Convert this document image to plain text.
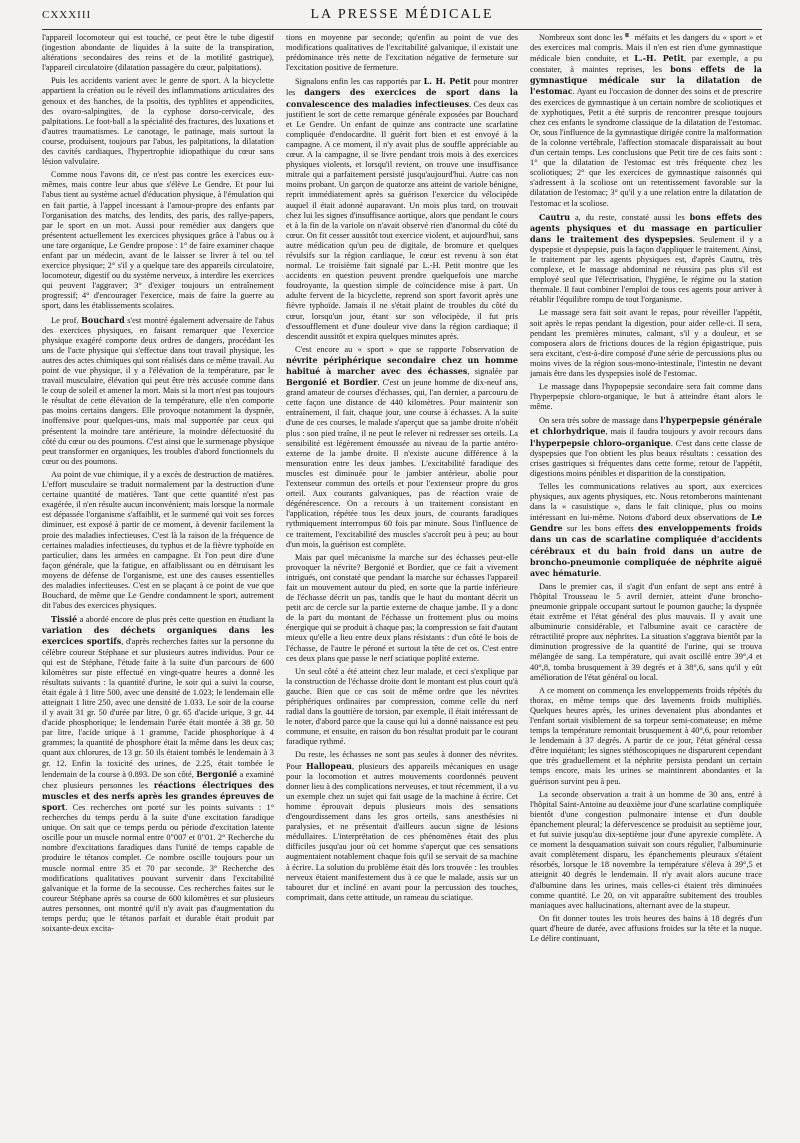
CXXXIII	LA PRESSE MÉDICALE

l'appareil locomoteur qui est touché, ce peut être le tube digestif (ingestion abondante de liquides à la suite de la transpiration, altérations secondaires des reins et de la motilité gastrique), l'appareil circulatoire (dilatation passagère du cœur, palpitations).

Puis les accidents varient avec le genre de sport. A la bicyclette appartient la création ou le réveil des inflammations articulaires des genoux et des hanches, de la psoitis, des typhlites et appendicites, des ovaro-salpingites, de la cyphose dorso-cervicale, des palpitations. Le foot-ball a la spécialité des fractures, des luxations et d'autres traumatismes. Le canotage, le patinage, mais surtout la course, produisent, toujours par l'abus, les palpitations, la dilatation des cavités cardiaques, l'hypertrophie idiopathique du cœur sans lésion valvulaire.

Comme nous l'avons dit, ce n'est pas contre les exercices eux-mêmes, mais contre leur abus que s'élève Le Gendre. Et pour lui l'abus tient au système actuel d'éducation physique, à l'émulation qui en fait partie, à l'appel incessant à l'amour-propre des enfants par l'organisation des matchs, des lendits, des paris, des rallye-papers, par le sport en un mot. Aussi pour remédier aux dangers que présentent actuellement les exercices physiques grâce à l'abus ou à une tare organique, Le Gendre propose : 1° de faire examiner chaque enfant par un médecin, avant de le laisser se livrer à tel ou tel exercice physique; 2° s'il y a quelque tare des appareils circulatoire, locomoteur, digestif ou du système nerveux, à interdire les exercices qui peuvent l'aggraver; 3° d'exiger toujours un entraînement progressif; 4° d'encourager l'exercice, mais de faire la guerre au sport, dans les établissements scolaires.

Le prof. Bouchard s'est montré également adversaire de l'abus des exercices physiques, en faisant remarquer que l'exercice physique exagéré comporte deux ordres de dangers, procédant les uns de l'acte physique qui s'effectue dans tout travail physique, les autres des actes chimiques qui sont réalisés dans ce même travail. Au point de vue physique, il y a l'élévation de la température, par le travail musculaire, élévation qui peut être très accusée comme dans le coup de soleil et amener la mort. Mais si la mort n'est pas toujours le résultat de cette élévation de la température, elle n'en comporte pas moins certains dangers. Elle provoque notamment la dyspnée, inoffensive pour quelques-uns, mais mal supportée par ceux qui présentent la moindre tare antérieure, la moindre défectuosité du côté du cœur ou des poumons. C'est ainsi que le surmenage physique peut transformer en organiques, les troubles d'abord fonctionnels du cœur ou des poumons.

Au point de vue chimique, il y a excès de destruction de matières. L'effort musculaire se traduit normalement par la destruction d'une certaine quantité de matières. Tant que cette quantité n'est pas exagérée, il n'en résulte aucun inconvénient; mais lorsque la normale est dépassée l'organisme s'affaiblit, et le surmené qui voit ses forces diminuer, est exposé à partir de ce moment, à devenir facilement la proie des maladies infectieuses. C'est là la raison de la fréquence de certaines maladies infectieuses, du typhus et de la fièvre typhoïde en particulier, dans les armées en campagne. Et l'on peut dire d'une façon générale, que la fatigue, en affaiblissant ou en détruisant les moyens de défense de l'organisme, est une des causes essentielles des maladies infectieuses. C'est en se plaçant à ce point de vue que Bouchard, de même que Le Gendre condamnent le sport, autrement dit l'abus des exercices physiques.

Tissié a abordé encore de plus près cette question en étudiant la variation des déchets organiques dans les exercices sportifs, d'après recherches faites sur la personne du célèbre coureur Stéphane et sur plusieurs autres individus. Pour ce qui est de Stéphane, l'étude faite à la suite d'un parcours de 600 kilomètres sur piste effectué en vingt-quatre heures a donné les résultats suivants : la quantité d'urine, le soir qui a suivi la course, était égale à 1 litre 500, avec une densité de 1.023; le lendemain elle atteignait 1 litre 250, avec une densité de 1.033. Le soir de la course il y avait 31 gr. 50 d'urée par litre, 0 gr. 65 d'acide urique, 3 gr. 44 d'acide phosphorique; le lendemain l'urée était montée à 38 gr. 50 par litre, l'acide urique à 1 gramme, l'acide phosphorique à 4 grammes; la quantité de phosphore était la même dans les deux cas; quant aux chlorures, de 13 gr. 50 ils étaient tombés le lendemain à 3 gr. 12. Enfin la toxicité des urines, de 2.25, était tombée le lendemain de la course à 0.893. De son côté, Bergonié a examiné chez plusieurs personnes les réactions électriques des muscles et des nerfs après les grandes épreuves de sport. Ces recherches ont porté sur les points suivants : 1° recherches du temps perdu à la suite d'une excitation faradique unique. On sait que ce temps perdu ou période d'excitation latente oscille pour un muscle normal entre 0"007 et 0"01. 2° Recherche du nombre d'excitations faradiques dans l'unité de temps capable de produire le tétanos complet. Ce nombre oscille toujours pour un muscle normal entre 35 et 70 par seconde. 3° Recherche des modifications qualitatives pouvant survenir dans l'excitabilité galvanique et la forme de la secousse. Ces recherches faites sur le coureur Stéphane après sa course de 600 kilomètres et sur plusieurs autres personnes, ont montré qu'il n'y avait pas d'augmentation du temps perdu; que le tétanos parfait et durable était produit par soixante-deux excita-

tions en moyenne par seconde; qu'enfin au point de vue des modifications qualitatives de l'excitabilité galvanique, il existait une prédominance très nette de l'excitation négative de fermeture sur l'excitation positive de fermeture.

Signalons enfin les cas rapportés par L. H. Petit pour montrer les dangers des exercices de sport dans la convalescence des maladies infectieuses. Ces deux cas justifient le sort de cette remarque générale exposées par Bouchard et Le Gendre. Un enfant de quinze ans contracte une scarlatine compliquée d'endocardite. Il guérit fort bien et est envoyé à la campagne. A ce moment, il n'y avait plus de souffle appréciable au cœur. A la campagne, il se livre pendant trois mois à des exercices physiques violents, et lorsqu'il revient, on trouve une insuffisance mitrale qui a parfaitement persisté jusqu'aujourd'hui. Autre cas non moins probant. Un garçon de quatorze ans atteint de variole bénigne, reprit immédiatement après sa guérison l'exercice du vélocipède auquel il était adonné auparavant. Un mois plus tard, on trouvait chez lui les signes d'insuffisance aortique, alors que pendant le cours et à la fin de la variole on n'avait observé rien d'anormal du côté du cœur. On fit cesser aussitôt tout exercice violent, et aujourd'hui, sans autre médication qu'un peu de digitale, de bromure et quelques révulsifs sur la région cardiaque, le cœur est revenu à son état normal. Le troisième fait signalé par L.-H. Petit montre que les accidents en question peuvent prendre quelquefois une marche foudroyante, la question simple de coïncidence mise à part. Un adulte fervent de la bicyclette, reprend son sport favorit après une fièvre typhoïde. Jamais il ne s'était plaint de troubles du côté du cœur, lorsqu'un jour, étant sur son vélocipède, il fut pris d'essoufflement et d'une douleur vive dans la région cardiaque; il descendit aussitôt et expira quelques minutes après.

C'est encore au « sport » que se rapporte l'observation de névrite périphérique secondaire chez un homme habitué à marcher avec des échasses, signalée par Bergonié et Bordier. C'est un jeune homme de dix-neuf ans, grand amateur de courses d'échasses, qui, l'an dernier, a parcouru de cette façon une distance de 440 kilomètres. Pour maintenir son entraînement, il fait, chaque jour, une course à échasses. A la suite d'une de ces courses, le malade s'aperçut que sa jambe droite n'obéit plus : son pied traîne, il ne peut le relever ni redresser ses orteils. La sensibilité est légèrement émoussée au niveau de la partie antéro-externe de la jambe droite. Il n'existe aucune différence à la mensuration entre les deux jambes. L'excitabilité faradique des muscles est diminuée pour le jambier antérieur, abolie pour l'extenseur commun des orteils et pour l'extenseur propre du gros orteil. Aux courants galvaniques, pas de réaction vraie de dégénérescence. On a recours à un traitement consistant en l'application, répétée tous les deux jours, de courants faradiques rythmiquement interrompus 60 fois par minute. Sous l'influence de ce traitement, l'excitabilité des muscles s'accroît peu à peu; au bout d'un mois, la guérison est complète.

Mais par quel mécanisme la marche sur des échasses peut-elle provoquer la névrite? Bergonié et Bordier, que ce fait a vivement intrigués, ont constaté que pendant la marche sur échasses l'appareil fait un mouvement autour du pied, en sorte que la partie inférieure de l'échasse décrit un pas, tandis que le haut du montant décrit un petit arc de cercle sur la partie externe de chaque jambe. Il y a donc de la part du montant de l'échasse un frottement plus ou moins énergique qui se produit à chaque pas; la compression se fait d'autant mieux qu'elle a lieu entre deux plans résistants : d'un côté le bois de l'échasse, de l'autre le péroné et surtout la tête de cet os. C'est entre ces deux plans que passe le nerf sciatique poplité externe.

Un seul côté a été atteint chez leur malade, et ceci s'explique par la construction de l'échasse droite dont le montant est plus court qu'à gauche. Bien que ce cas soit de même ordre que les névrites périphériques ordinaires par compression, comme celle du nerf radial dans la gouttière de torsion, par exemple, il était intéressant de le noter, d'abord parce que la cause qui lui a donné naissance est peu commune, et ensuite, en raison du bon résultat produit par le courant faradique rythmé.

Du reste, les échasses ne sont pas seules à donner des névrites. Pour Hallopeau, plusieurs des appareils mécaniques en usage pour la locomotion et autres mouvements coordonnés peuvent donner lieu à des complications nerveuses, et tout récemment, il a vu un exemple chez un sujet qui fait usage de la machine à écrire. Cet homme éprouvait depuis plusieurs mois des sensations d'engourdissement dans les gros orteils, sans anesthésies ni paralysies, et ne présentait d'ailleurs aucun signe de lésions médullaires. L'interprétation de ces phénomènes était des plus difficiles jusqu'au jour où cet homme s'aperçut que ces sensations augmentaient notablement chaque fois qu'il se servait de sa machine à écrire. La solution du problème était dès lors trouvée : les troubles nerveux étaient manifestement dus à ce que le malade, assis sur un tabouret dur et incliné en avant pour la percussion des touches, comprimait, dans cette attitude, un rameau du sciatique.

Nombreux sont donc les ▘ méfaits et les dangers du « sport » et des exercices mal compris. Mais il n'en est rien d'une gymnastique médicale bien conduite, et L.-H. Petit, par exemple, a pu constater, à maintes reprises, les bons effets de la gymnastique médicale sur la dilatation de l'estomac. Ayant eu l'occasion de donner des soins et de prescrire des exercices de gymnastique à un certain nombre de scoliotiques et de xyphotiques, Petit a été surpris de rencontrer presque toujours chez ces enfants le syndrome classique de la dilatation de l'estomac. Or, sous l'influence de la gymnastique dirigée contre la malformation de la colonne vertébrale, l'affection stomacale disparaissait au bout d'un certain temps. Les conclusions que Petit tire de ces faits sont : 1° que la dilatation de l'estomac est très fréquente chez les scoliotiques; 2° que les exercices de gymnastique raisonnés qui s'adressent à la scoliose ont un retentissement favorable sur la dilatation de l'estomac; 3° qu'il y a une relation entre la dilatation de l'estomac et la scoliose.

Cautru a, du reste, constaté aussi les bons effets des agents physiques et du massage en particulier dans le traitement des dyspepsies. Seulement il y a dyspepsie et dyspepsie, puis la façon d'appliquer le traitement. Ainsi, le traitement par les agents physiques est, d'après Cautru, très complexe, et le massage abdominal ne réussira pas plus s'il est employé seul que l'électrisation, l'hygiène, le régime ou la station thermale. Il faut combiner l'emploi de tous ces agents pour arriver à rétablir l'équilibre rompu de tout l'organisme.

Le massage sera fait soit avant le repas, pour réveiller l'appétit, soit après le repas pendant la digestion, pour aider celle-ci. Il sera, pendant les premières minutes, calmant, s'il y a douleur, et se composera alors de frictions douces de la région épigastrique, puis sera excitant, c'est-à-dire composé d'une série de percussions plus ou moins vives de la région sous-mono-intestinale, l'intestin ne devant jamais être dans les dyspepsies isolé de l'estomac.

Le massage dans l'hypopepsie secondaire sera fait comme dans l'hyperpepsie chloro-organique, le but à atteindre étant alors le même.

On sera très sobre de massage dans l'hyperpepsie générale et chlorhydrique, mais il faudra toujours y avoir recours dans l'hyperpepsie chloro-organique. C'est dans cette classe de dyspepsies que l'on obtient les plus beaux résultats : cessation des crises gastriques si fréquentes dans cette forme, retour de l'appétit, digestions moins pénibles et disparition de la constipation.

Telles les communications relatives au sport, aux exercices physiques, aux agents physiques, etc. Nous retomberons maintenant dans la « casuistique », dans le fait clinique, plus ou moins intéressant en lui-même. Notons d'abord deux observations de Le Gendre sur les bons effets des enveloppements froids dans un cas de scarlatine compliquée d'accidents cérébraux et du bain froid dans un autre de broncho-pneumonie compliquée de néphrite aiguë avec hématurie.

Dans le premier cas, il s'agit d'un enfant de sept ans entré à l'hôpital Trousseau le 5 avril dernier, atteint d'une broncho-pneumonie grippale occupant surtout le poumon gauche; la dyspnée était extrême et l'état général des plus mauvais. Il y avait une albuminurie considérable, et l'albumine avait ce caractère de rétractilité propre aux néphrites. La situation s'aggrava bientôt par la diminution progressive de la quantité de l'urine, qui se trouva mélangée de sang. La température, qui avait oscillé entre 39°,4 et 40°,8, tomba brusquement à 39 degrés et à 38°,6, sans qu'il y eût amélioration de l'état général ou local.

A ce moment on commença les enveloppements froids répétés du thorax, en même temps que des lavements froids multipliés. Quelques heures après, les urines devenaient plus abondantes et l'enfant sortait visiblement de sa torpeur semi-comateuse; en même temps la température remontait brusquement à 40°,6, pour retomber le lendemain à 37 degrés. A partir de ce jour, l'état général cessa d'être inquiétant; les signes stéthoscopiques ne disparurent cependant que très graduellement et la néphrite persista pendant un certain temps encore, mais les urines se maintinrent abondantes et la guérison survint peu à peu.

La seconde observation a trait à un homme de 30 ans, entré à l'hôpital Saint-Antoine au deuxième jour d'une scarlatine compliquée bientôt d'une congestion pulmonaire intense et d'un double épanchement pleural; la défervescence se produisit au septième jour, et fut suivie jusqu'au dix-septième jour d'une apyrexie complète. A ce moment la desquamation suivait son cours régulier, l'albuminurie avait complètement disparu, les épanchements pleuraux s'étaient résorbés, lorsque le 18 novembre la température s'éleva à 39°,5 et atteignit 40 degrés le lendemain. Il n'y avait alors aucune trace d'albumine dans les urines, mais celles-ci étaient très diminuées comme quantité. Le 20, on vit apparaître subitement des troubles maniaques avec hallucinations, alternant avec de la stupeur.

On fit donner toutes les trois heures des bains à 18 degrés d'un quart d'heure de durée, avec affusions froides sur la tête et la nuque. Le délire continuant,
